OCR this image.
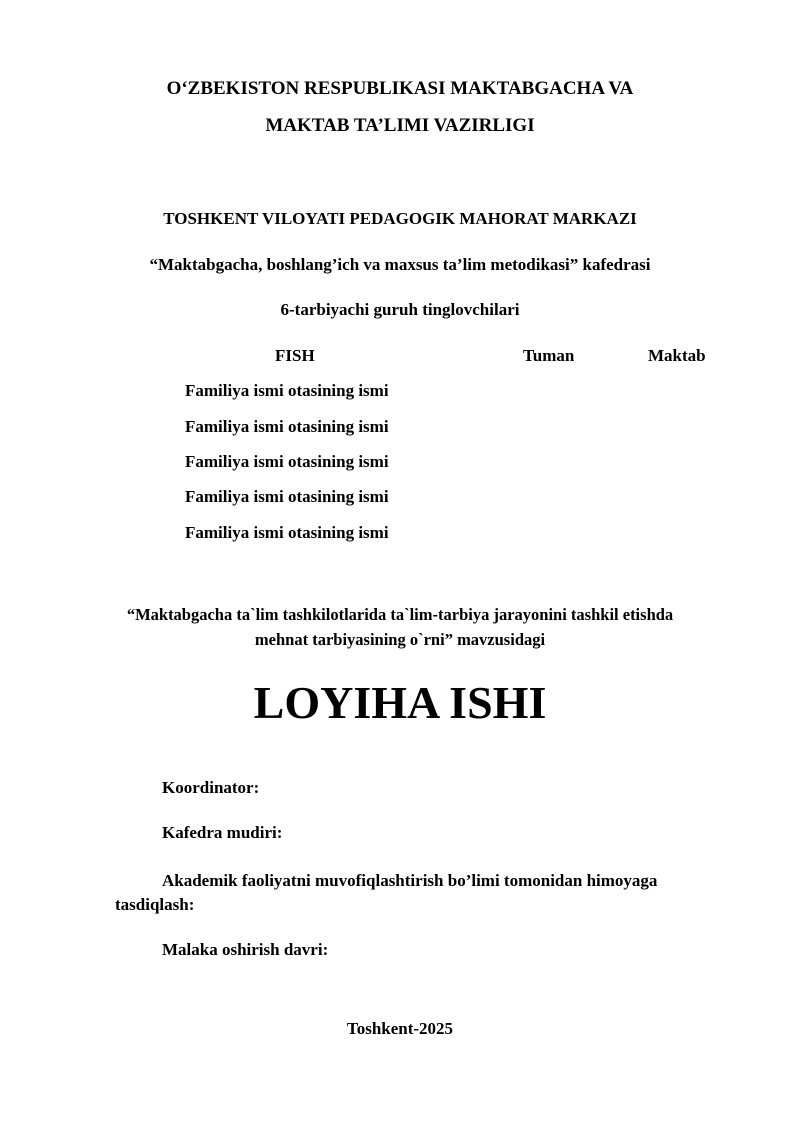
O‘ZBEKISTON RESPUBLIKASI MAKTABGACHA VA
MAKTAB TA’LIMI VAZIRLIGI
TOSHKENT VILOYATI PEDAGOGIK MAHORAT MARKAZI
“Maktabgacha, boshlang’ich va maxsus ta’lim metodikasi” kafedrasi
6-tarbiyachi guruh tinglovchilari
FISH	Tuman	Maktab
Familiya ismi otasining ismi
Familiya ismi otasining ismi
Familiya ismi otasining ismi
Familiya ismi otasining ismi
Familiya ismi otasining ismi
“Maktabgacha ta`lim tashkilotlarida ta`lim-tarbiya jarayonini tashkil etishda
mehnat tarbiyasining o`rni” mavzusidagi
LOYIHA ISHI
Koordinator:
Kafedra mudiri:
Akademik faoliyatni muvofiqlashtirish bo’limi tomonidan himoyaga
tasdiqlash:
Malaka oshirish davri:
Toshkent-2025
